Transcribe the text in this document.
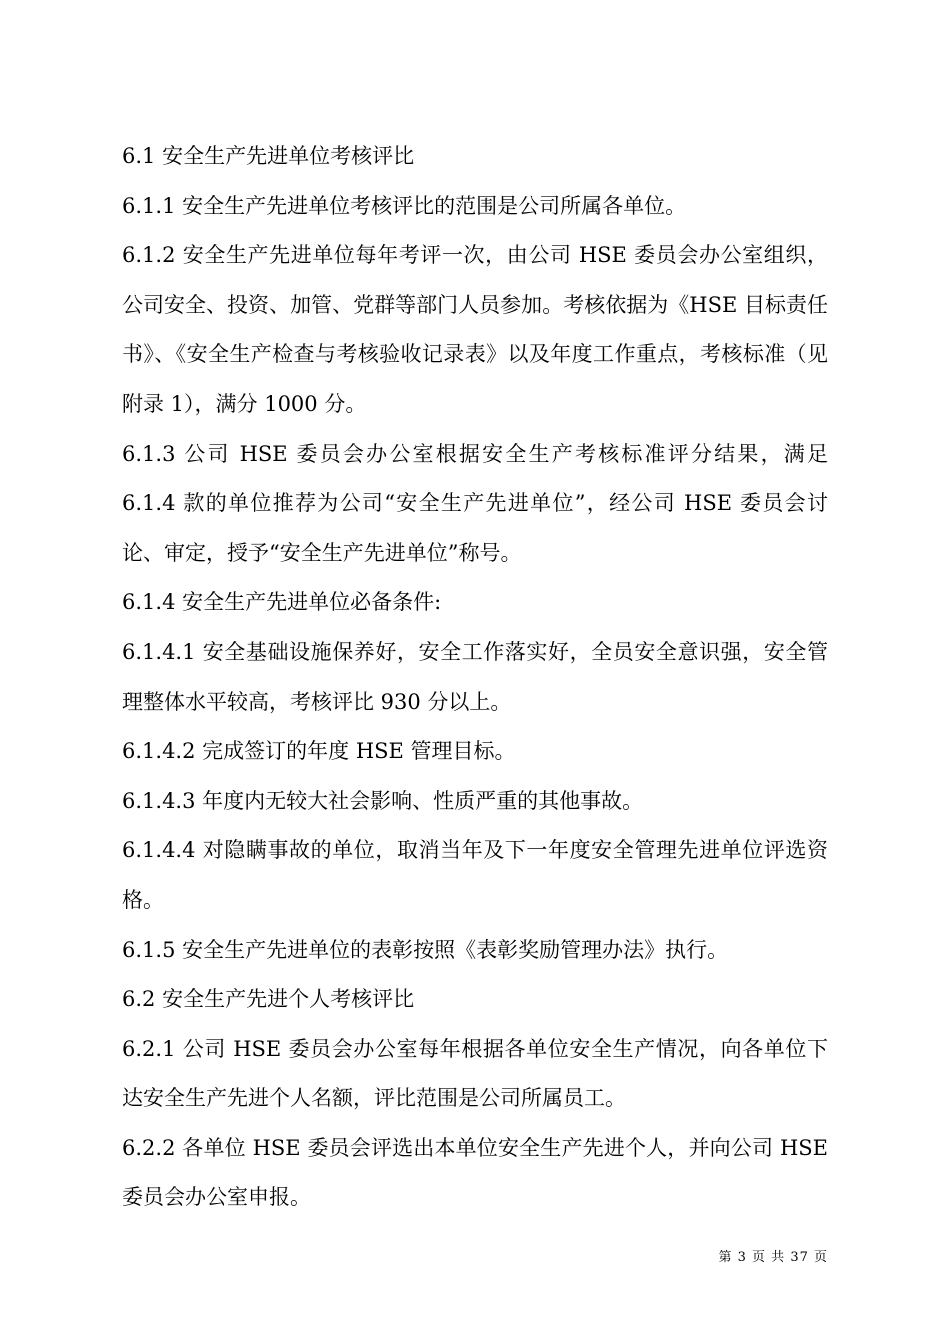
6.1 安全生产先进单位考核评比

6.1.1 安全生产先进单位考核评比的范围是公司所属各单位。

6.1.2 安全生产先进单位每年考评一次，由公司 HSE 委员会办公室组织，公司安全、投资、加管、党群等部门人员参加。考核依据为《HSE 目标责任书》、《安全生产检查与考核验收记录表》以及年度工作重点，考核标准（见附录 1），满分 1000 分。

6.1.3 公司 HSE 委员会办公室根据安全生产考核标准评分结果，满足 6.1.4 款的单位推荐为公司“安全生产先进单位”，经公司 HSE 委员会讨论、审定，授予“安全生产先进单位”称号。

6.1.4 安全生产先进单位必备条件:

6.1.4.1 安全基础设施保养好，安全工作落实好，全员安全意识强，安全管理整体水平较高，考核评比 930 分以上。

6.1.4.2 完成签订的年度 HSE 管理目标。

6.1.4.3 年度内无较大社会影响、性质严重的其他事故。

6.1.4.4 对隐瞒事故的单位，取消当年及下一年度安全管理先进单位评选资格。

6.1.5 安全生产先进单位的表彰按照《表彰奖励管理办法》执行。

6.2 安全生产先进个人考核评比

6.2.1 公司 HSE 委员会办公室每年根据各单位安全生产情况，向各单位下达安全生产先进个人名额，评比范围是公司所属员工。

6.2.2 各单位 HSE 委员会评选出本单位安全生产先进个人，并向公司 HSE 委员会办公室申报。

第 3 页 共 37 页
